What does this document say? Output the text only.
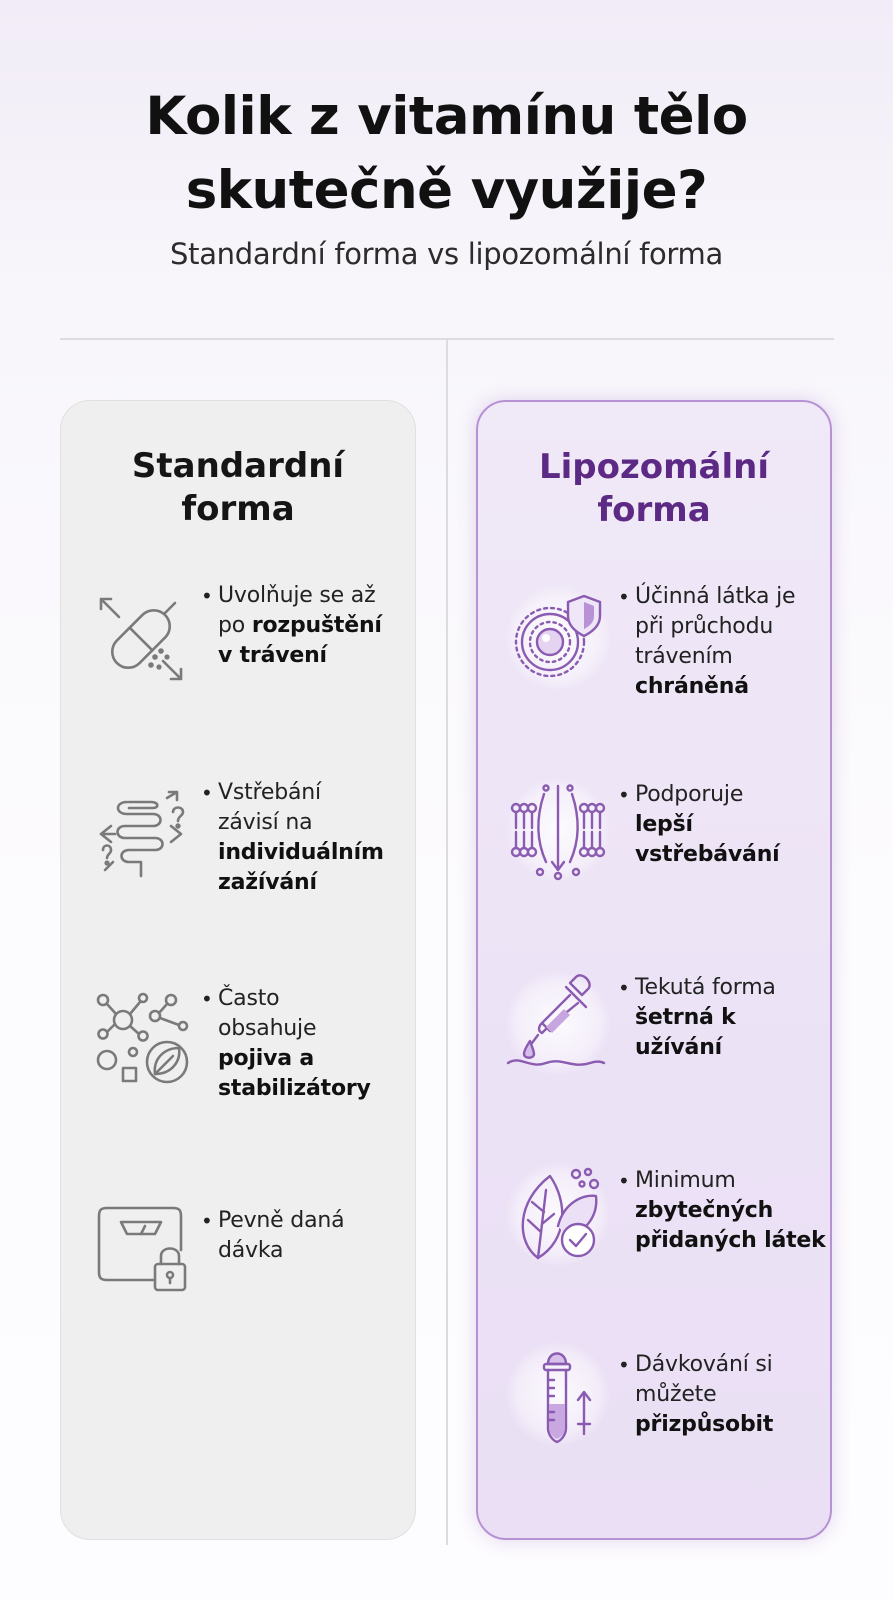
Kolik z vitamínu tělo
skutečně využije?
Standardní forma vs lipozomální forma
Standardní
forma
• Uvolňuje se až
po rozpuštění
v trávení
• Vstřebání
závisí na
individuálním
zažívání
• Často
obsahuje
pojiva a
stabilizátory
• Pevně daná
dávka
Lipozomální
forma
• Účinná látka je
při průchodu
trávením
chráněná
• Podporuje
lepší
vstřebávání
• Tekutá forma
šetrná k
užívání
• Minimum
zbytečných
přidaných látek
• Dávkování si
můžete
přizpůsobit
